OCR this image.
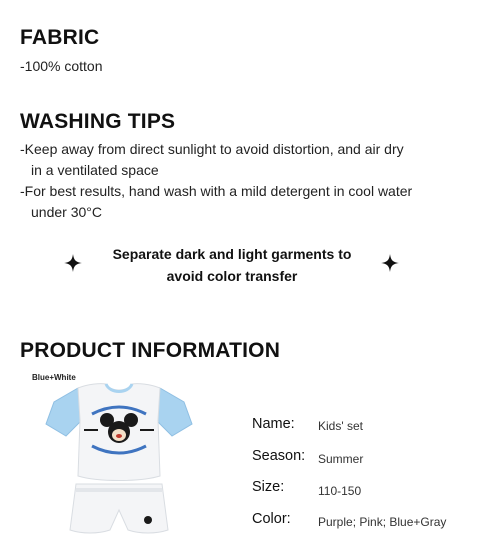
FABRIC
-100% cotton
WASHING TIPS
-Keep away from direct sunlight to avoid distortion, and air dry
in a ventilated space
-For best results, hand wash with a mild detergent in cool water
under 30°C
Separate dark and light garments to
avoid color transfer
PRODUCT INFORMATION
Blue+White
Name: Kids' set
Season: Summer
Size:	110-150
Color: Purple; Pink; Blue+Gray
